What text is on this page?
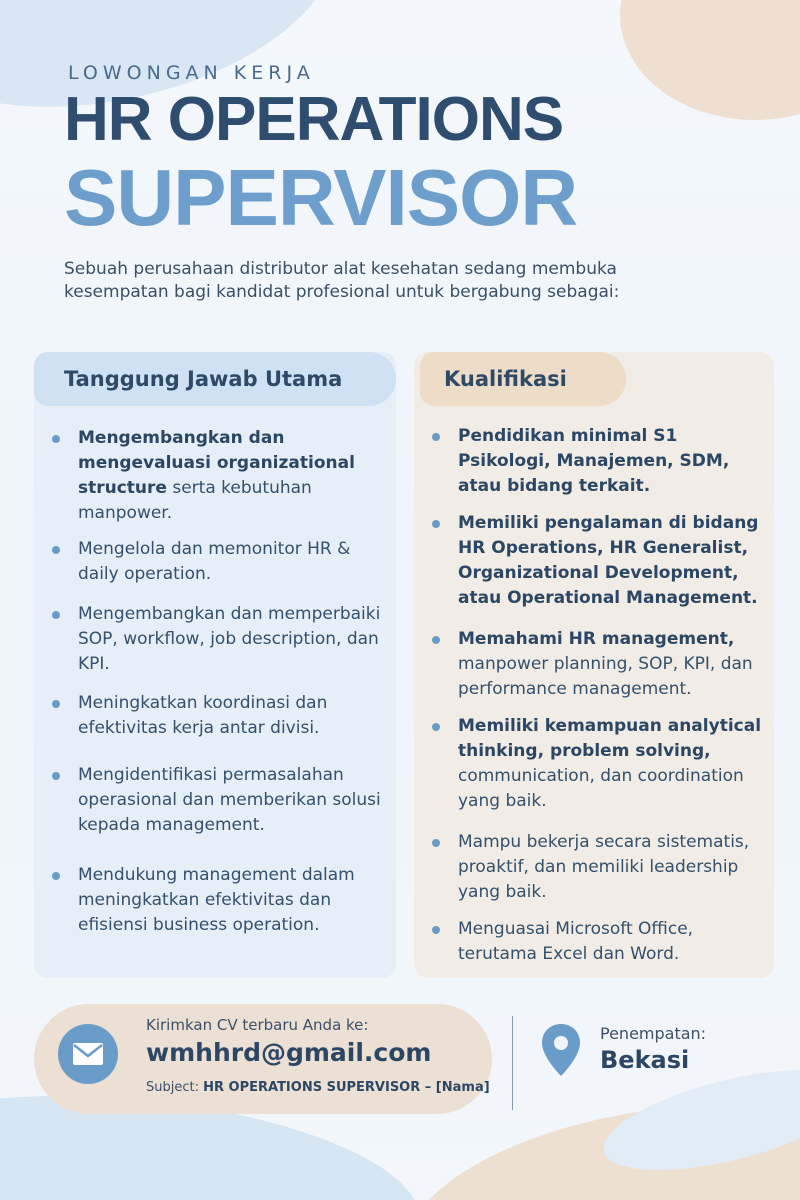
LOWONGAN KERJA
HR OPERATIONS
SUPERVISOR
Sebuah perusahaan distributor alat kesehatan sedang membuka kesempatan bagi kandidat profesional untuk bergabung sebagai:
Tanggung Jawab Utama	Kualifikasi
Mengembangkan dan mengevaluasi organizational structure serta kebutuhan manpower.
Mengelola dan memonitor HR & daily operation.
Mengembangkan dan memperbaiki SOP, workflow, job description, dan KPI.
Meningkatkan koordinasi dan efektivitas kerja antar divisi.
Mengidentifikasi permasalahan operasional dan memberikan solusi kepada management.
Mendukung management dalam meningkatkan efektivitas dan efisiensi business operation.
Pendidikan minimal S1 Psikologi, Manajemen, SDM, atau bidang terkait.
Memiliki pengalaman di bidang HR Operations, HR Generalist, Organizational Development, atau Operational Management.
Memahami HR management, manpower planning, SOP, KPI, dan performance management.
Memiliki kemampuan analytical thinking, problem solving, communication, dan coordination yang baik.
Mampu bekerja secara sistematis, proaktif, dan memiliki leadership yang baik.
Menguasai Microsoft Office, terutama Excel dan Word.
Kirimkan CV terbaru Anda ke:
wmhhrd@gmail.com
Subject: HR OPERATIONS SUPERVISOR – [Nama]
Penempatan:
Bekasi
